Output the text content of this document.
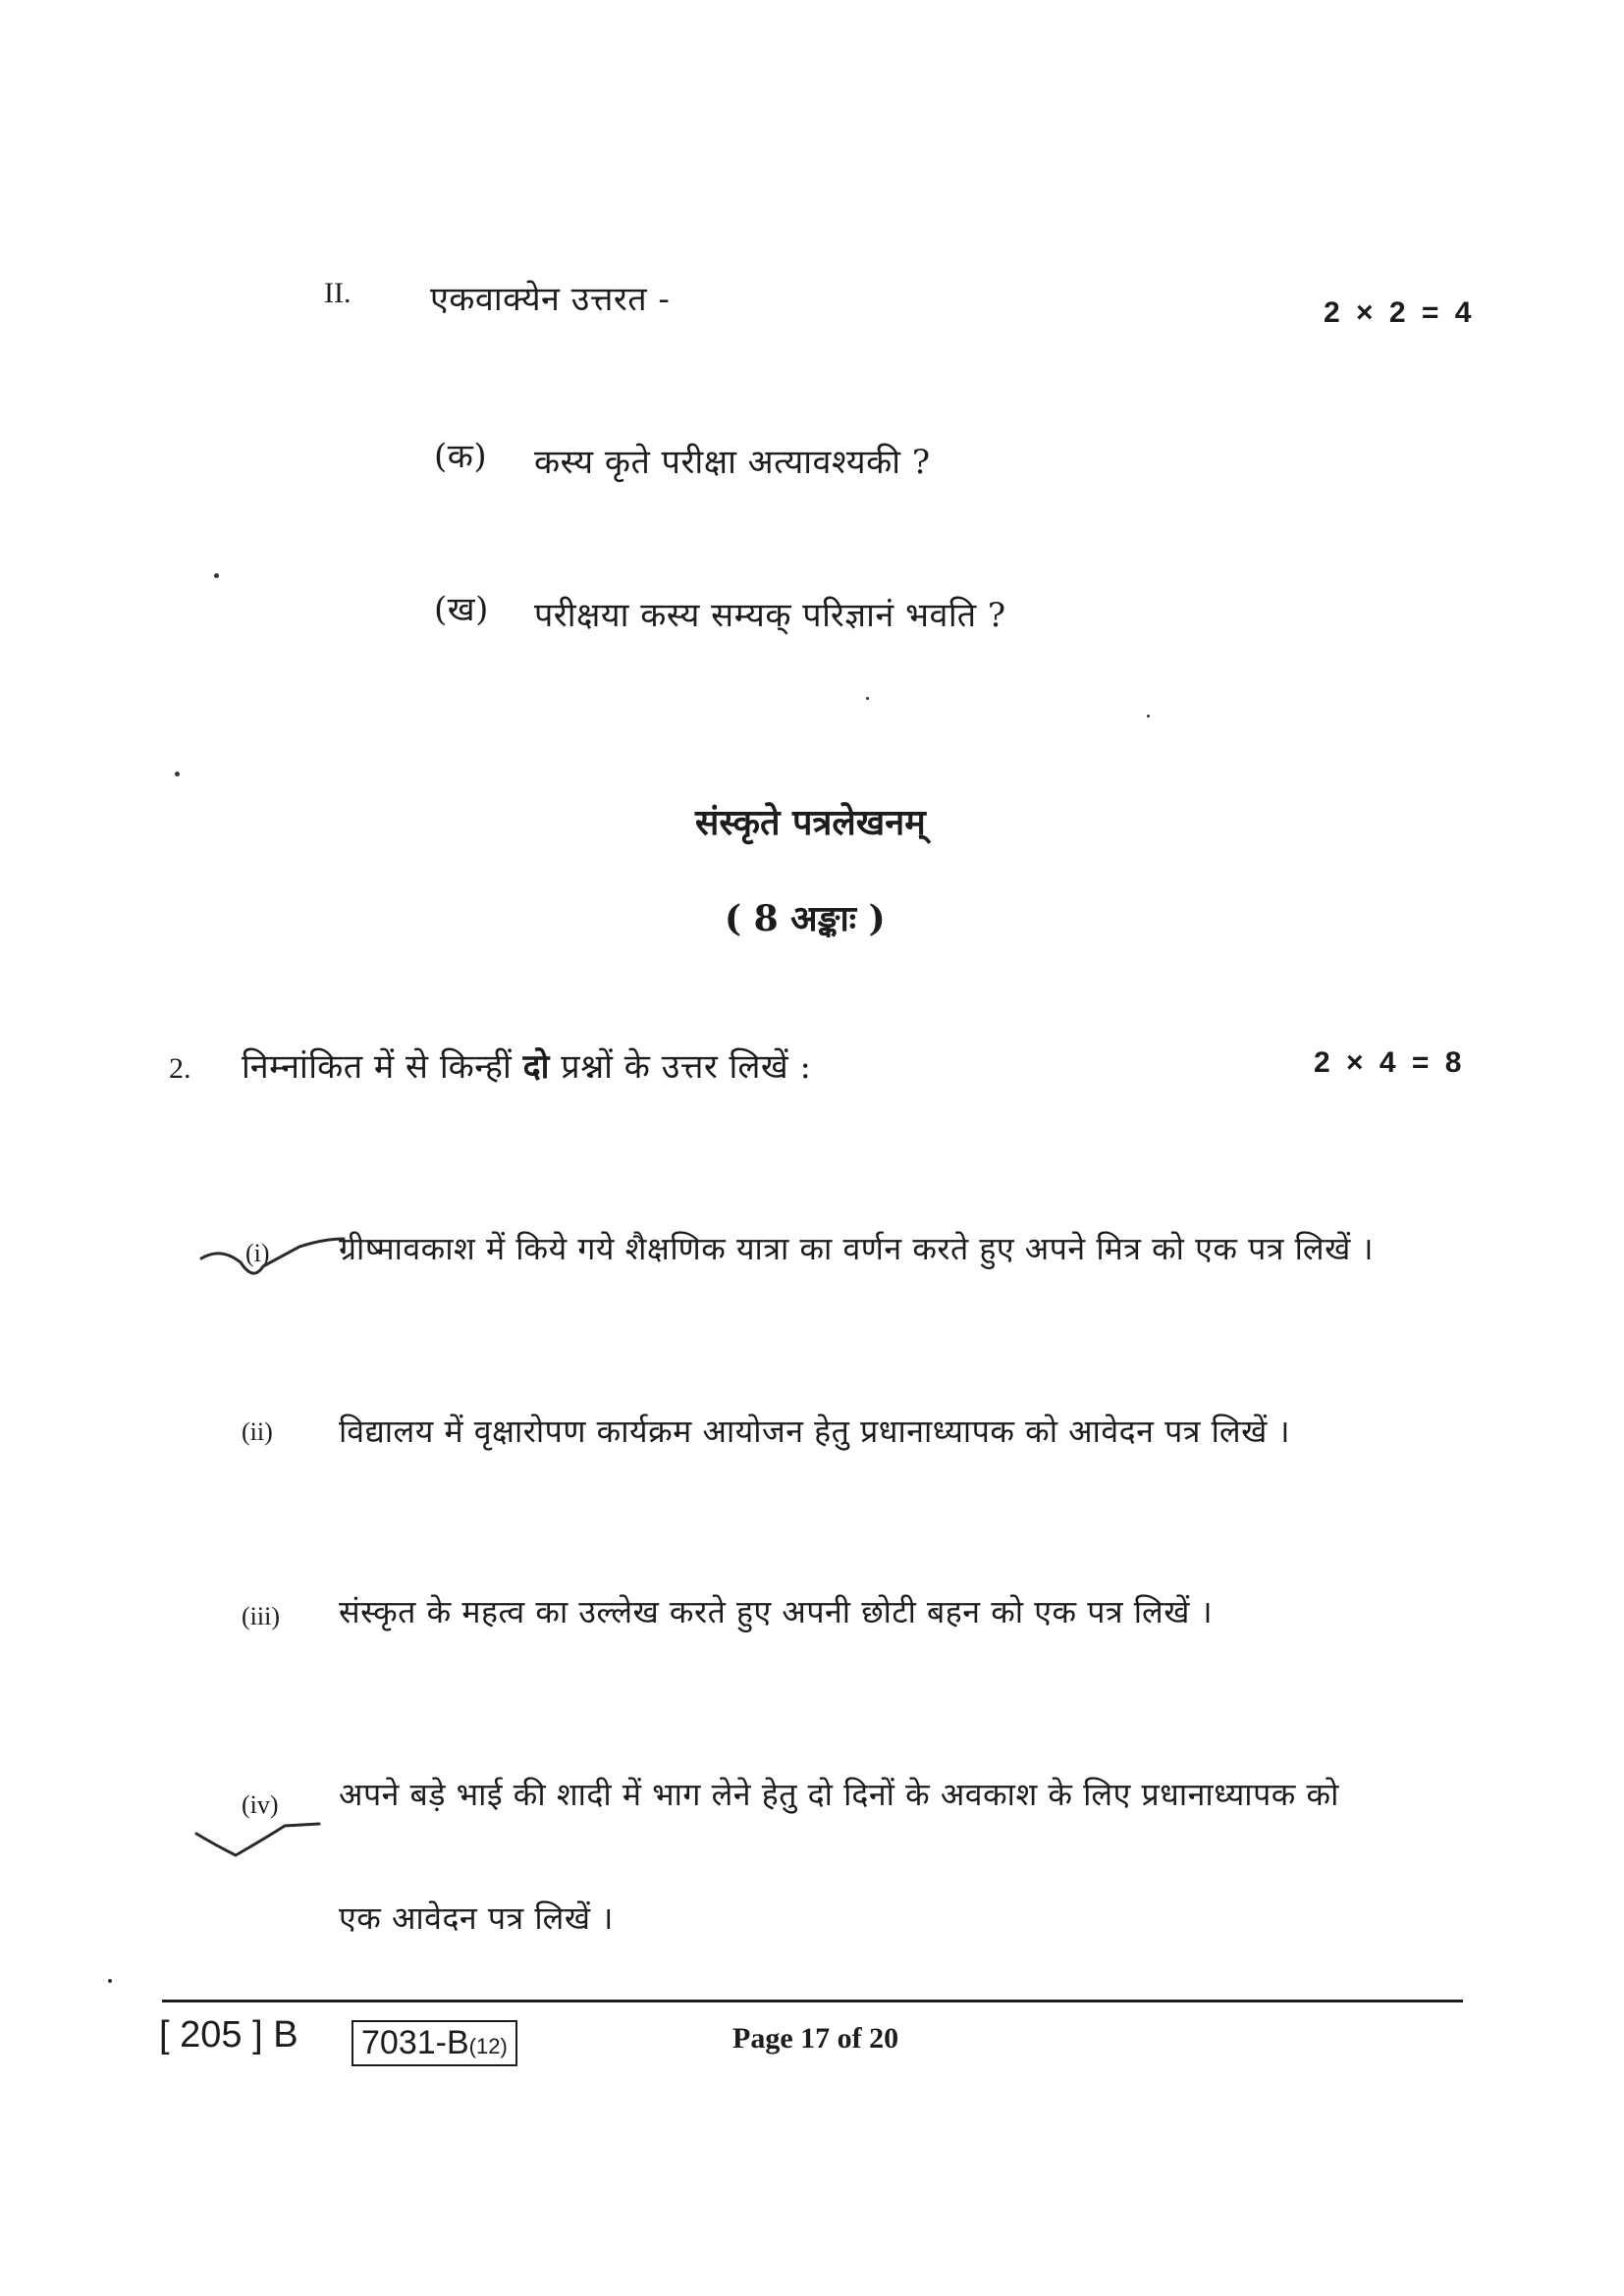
II. एकवाक्येन उत्तरत -	2 × 2 = 4
(क) कस्य कृते परीक्षा अत्यावश्यकी ?
(ख) परीक्षया कस्य सम्यक् परिज्ञानं भवति ?
संस्कृते पत्रलेखनम्
( 8 अङ्काः )
2. निम्नांकित में से किन्हीं दो प्रश्नों के उत्तर लिखें :	2 × 4 = 8
(i) ग्रीष्मावकाश में किये गये शैक्षणिक यात्रा का वर्णन करते हुए अपने मित्र को एक पत्र लिखें ।
(ii) विद्यालय में वृक्षारोपण कार्यक्रम आयोजन हेतु प्रधानाध्यापक को आवेदन पत्र लिखें ।
(iii) संस्कृत के महत्व का उल्लेख करते हुए अपनी छोटी बहन को एक पत्र लिखें ।
(iv) अपने बड़े भाई की शादी में भाग लेने हेतु दो दिनों के अवकाश के लिए प्रधानाध्यापक को
एक आवेदन पत्र लिखें ।
[ 205 ] B 7031-B(12)	Page 17 of 20
